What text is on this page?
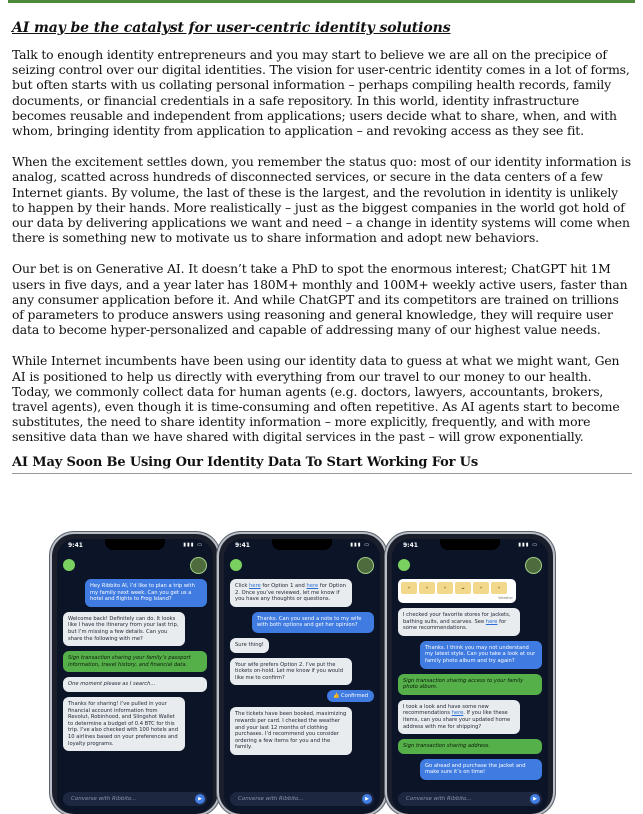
AI may be the catalyst for user-centric identity solutions

Talk to enough identity entrepreneurs and you may start to believe we are all on the precipice of seizing control over our digital identities. The vision for user-centric identity comes in a lot of forms, but often starts with us collating personal information – perhaps compiling health records, family documents, or financial credentials in a safe repository. In this world, identity infrastructure becomes reusable and independent from applications; users decide what to share, when, and with whom, bringing identity from application to application – and revoking access as they see fit.

When the excitement settles down, you remember the status quo: most of our identity information is analog, scatted across hundreds of disconnected services, or secure in the data centers of a few Internet giants. By volume, the last of these is the largest, and the revolution in identity is unlikely to happen by their hands. More realistically – just as the biggest companies in the world got hold of our data by delivering applications we want and need – a change in identity systems will come when there is something new to motivate us to share information and adopt new behaviors.

Our bet is on Generative AI. It doesn’t take a PhD to spot the enormous interest; ChatGPT hit 1M users in five days, and a year later has 180M+ monthly and 100M+ weekly active users, faster than any consumer application before it. And while ChatGPT and its competitors are trained on trillions of parameters to produce answers using reasoning and general knowledge, they will require user data to become hyper-personalized and capable of addressing many of our highest value needs.

While Internet incumbents have been using our identity data to guess at what we might want, Gen AI is positioned to help us directly with everything from our travel to our money to our health. Today, we commonly collect data for human agents (e.g. doctors, lawyers, accountants, brokers, travel agents), even though it is time-consuming and often repetitive. As AI agents start to become substitutes, the need to share identity information – more explicitly, frequently, and with more sensitive data than we have shared with digital services in the past – will grow exponentially.

AI May Soon Be Using Our Identity Data To Start Working For Us

9:41	▮▮▮ ▭
Hey Ribbito AI, I’d like to plan a trip with my family next week. Can you get us a hotel and flights to Frog Island?
Welcome back! Definitely can do. It looks like I have the itinerary from your last trip, but I’m missing a few details. Can you share the following with me?
Sign transaction sharing your family’s passport information, travel history, and financial data.
One moment please as I search...
Thanks for sharing! I’ve pulled in your financial account information from Revolut, Robinhood, and Slingshot Wallet to determine a budget of 0.4 BTC for this trip. I’ve also checked with 100 hotels and 10 airlines based on your preferences and loyalty programs.
Converse with Ribbito...	▶
9:41	▮▮▮ ▭
Click here for Option 1 and here for Option 2. Once you’ve reviewed, let me know if you have any thoughts or questions.
Thanks. Can you send a note to my wife with both options and get her opinion?
Sure thing!
Your wife prefers Option 2. I’ve put the tickets on-hold. Let me know if you would like me to confirm?
👍 Confirmed
The tickets have been booked, maximizing rewards per card. I checked the weather and your last 12 months of clothing purchases. I’d recommend you consider ordering a few items for you and the family.
Converse with Ribbito...	▶
9:41	▮▮▮ ▭
☀	☀	☀	☁	☀	☀
Weather
I checked your favorite stores for jackets, bathing suits, and scarves. See here for some recommendations.
Thanks. I think you may not understand my latest style. Can you take a look at our family photo album and try again?
Sign transaction sharing access to your family photo album.
I took a look and have some new recommendations here. If you like these items, can you share your updated home address with me for shipping?
Sign transaction sharing address.
Go ahead and purchase the jacket and make sure it’s on time!
Converse with Ribbito...	▶
